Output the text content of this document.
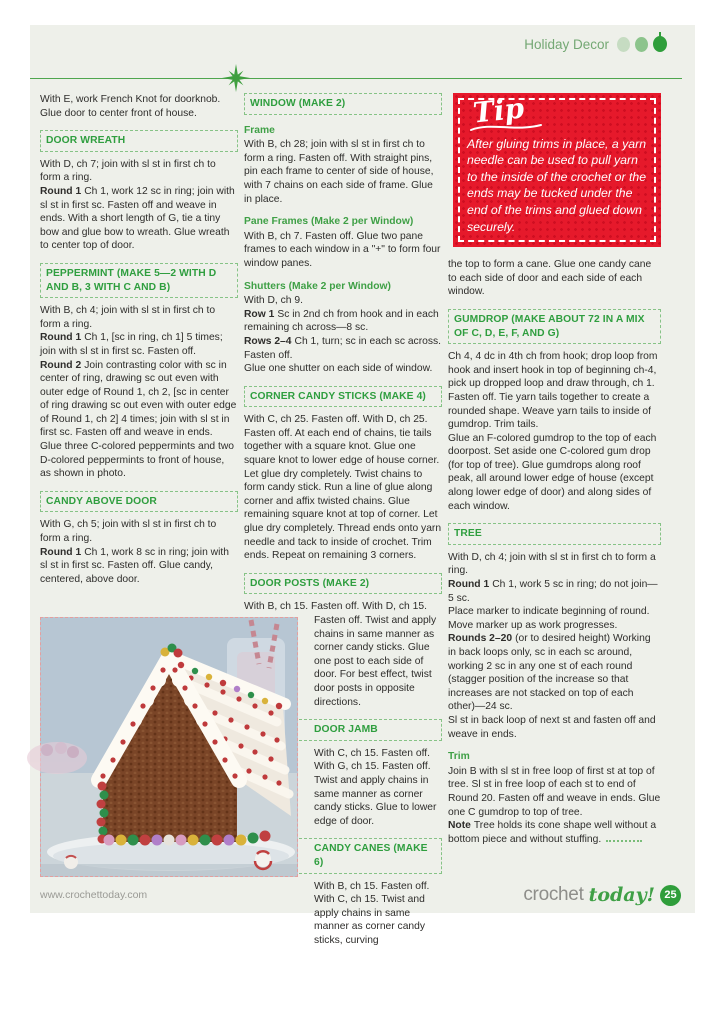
Holiday Decor

With E, work French Knot for doorknob. Glue door to center front of house.

DOOR WREATH

With D, ch 7; join with sl st in first ch to form a ring.

Round 1 Ch 1, work 12 sc in ring; join with sl st in first sc. Fasten off and weave in ends. With a short length of G, tie a tiny bow and glue bow to wreath. Glue wreath to center top of door.

PEPPERMINT (MAKE 5—2 WITH D AND B, 3 WITH C AND B)

With B, ch 4; join with sl st in first ch to form a ring.

Round 1 Ch 1, [sc in ring, ch 1] 5 times; join with sl st in first sc. Fasten off.

Round 2 Join contrasting color with sc in center of ring, drawing sc out even with outer edge of Round 1, ch 2, [sc in center of ring drawing sc out even with outer edge of Round 1, ch 2] 4 times; join with sl st in first sc. Fasten off and weave in ends.

Glue three C-colored peppermints and two D-colored peppermints to front of house, as shown in photo.

CANDY ABOVE DOOR

With G, ch 5; join with sl st in first ch to form a ring.

Round 1 Ch 1, work 8 sc in ring; join with sl st in first sc. Fasten off. Glue candy, centered, above door.

WINDOW (MAKE 2)
Frame

With B, ch 28; join with sl st in first ch to form a ring. Fasten off. With straight pins, pin each frame to center of side of house, with 7 chains on each side of frame. Glue in place.

Pane Frames (Make 2 per Window)

With B, ch 7. Fasten off. Glue two pane frames to each window in a "+" to form four window panes.

Shutters (Make 2 per Window)

With D, ch 9.

Row 1 Sc in 2nd ch from hook and in each remaining ch across—8 sc.

Rows 2–4 Ch 1, turn; sc in each sc across. Fasten off.

Glue one shutter on each side of window.

CORNER CANDY STICKS (MAKE 4)

With C, ch 25. Fasten off. With D, ch 25. Fasten off. At each end of chains, tie tails together with a square knot. Glue one square knot to lower edge of house corner. Let glue dry completely. Twist chains to form candy stick. Run a line of glue along corner and affix twisted chains. Glue remaining square knot at top of corner. Let glue dry completely. Thread ends onto yarn needle and tack to inside of crochet. Trim ends. Repeat on remaining 3 corners.

DOOR POSTS (MAKE 2)

With B, ch 15. Fasten off. With D, ch 15.

Fasten off. Twist and apply chains in same manner as corner candy sticks. Glue one post to each side of door. For best effect, twist door posts in opposite directions.

DOOR JAMB

With C, ch 15. Fasten off. With G, ch 15. Fasten off. Twist and apply chains in same manner as corner candy sticks. Glue to lower edge of door.

CANDY CANES (MAKE 6)

With B, ch 15. Fasten off. With C, ch 15. Twist and apply chains in same manner as corner candy sticks, curving

Tip
After gluing trims in place, a yarn needle can be used to pull yarn to the inside of the crochet or the ends may be tucked under the end of the trims and glued down securely.

the top to form a cane. Glue one candy cane to each side of door and each side of each window.

GUMDROP (MAKE ABOUT 72 IN A MIX OF C, D, E, F, AND G)

Ch 4, 4 dc in 4th ch from hook; drop loop from hook and insert hook in top of beginning ch-4, pick up dropped loop and draw through, ch 1. Fasten off. Tie yarn tails together to create a rounded shape. Weave yarn tails to inside of gumdrop. Trim tails.

Glue an F-colored gumdrop to the top of each doorpost. Set aside one C-colored gum drop (for top of tree). Glue gumdrops along roof peak, all around lower edge of house (except along lower edge of door) and along sides of each window.

TREE

With D, ch 4; join with sl st in first ch to form a ring.

Round 1 Ch 1, work 5 sc in ring; do not join—5 sc.

Place marker to indicate beginning of round. Move marker up as work progresses.

Rounds 2–20 (or to desired height) Working in back loops only, sc in each sc around, working 2 sc in any one st of each round (stagger position of the increase so that increases are not stacked on top of each other)—24 sc.

Sl st in back loop of next st and fasten off and weave in ends.

Trim

Join B with sl st in free loop of first st at top of tree. Sl st in free loop of each st to end of Round 20. Fasten off and weave in ends. Glue one C gumdrop to top of tree.

Note Tree holds its cone shape well without a bottom piece and without stuffing.

www.crochettoday.com	crochet today! 25
